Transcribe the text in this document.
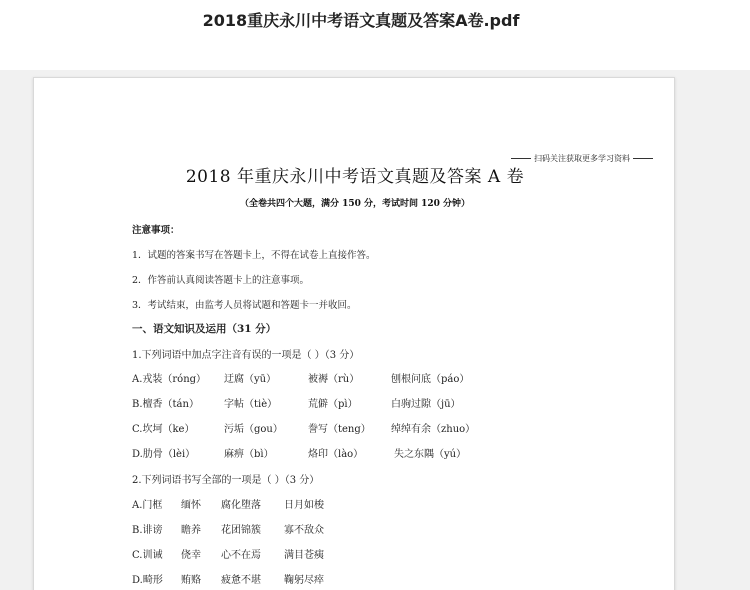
2018重庆永川中考语文真题及答案A卷.pdf
扫码关注获取更多学习资料
2018 年重庆永川中考语文真题及答案 A 卷
（全卷共四个大题，满分 150 分，考试时间 120 分钟）
注意事项：
1．试题的答案书写在答题卡上，不得在试卷上直接作答。
2．作答前认真阅读答题卡上的注意事项。
3．考试结束，由监考人员将试题和答题卡一并收回。
一、语文知识及运用（31 分）
1.下列词语中加点字注音有误的一项是（ ）（3 分）
A.戎装（róng） 迂腐（yū）	被褥（rù）	刨根问底（páo）
B.檀香（tán）	字帖（tiè）	荒僻（pì）	白驹过隙（jū）
C.坎坷（ke）	污垢（gou）	誊写（teng） 绰绰有余（zhuo）
D.肋骨（lèi）	麻痹（bì）	烙印（lào）	失之东隅（yú）
2.下列词语书写全部的一项是（ ）（3 分）
A.门框 缅怀 腐化堕落 日月如梭
B.诽谤 瞻养 花团锦簇 寡不敌众
C.训诫 侥幸 心不在焉 满目苍痍
D.畸形 贿赂 疲惫不堪 鞠躬尽瘁
